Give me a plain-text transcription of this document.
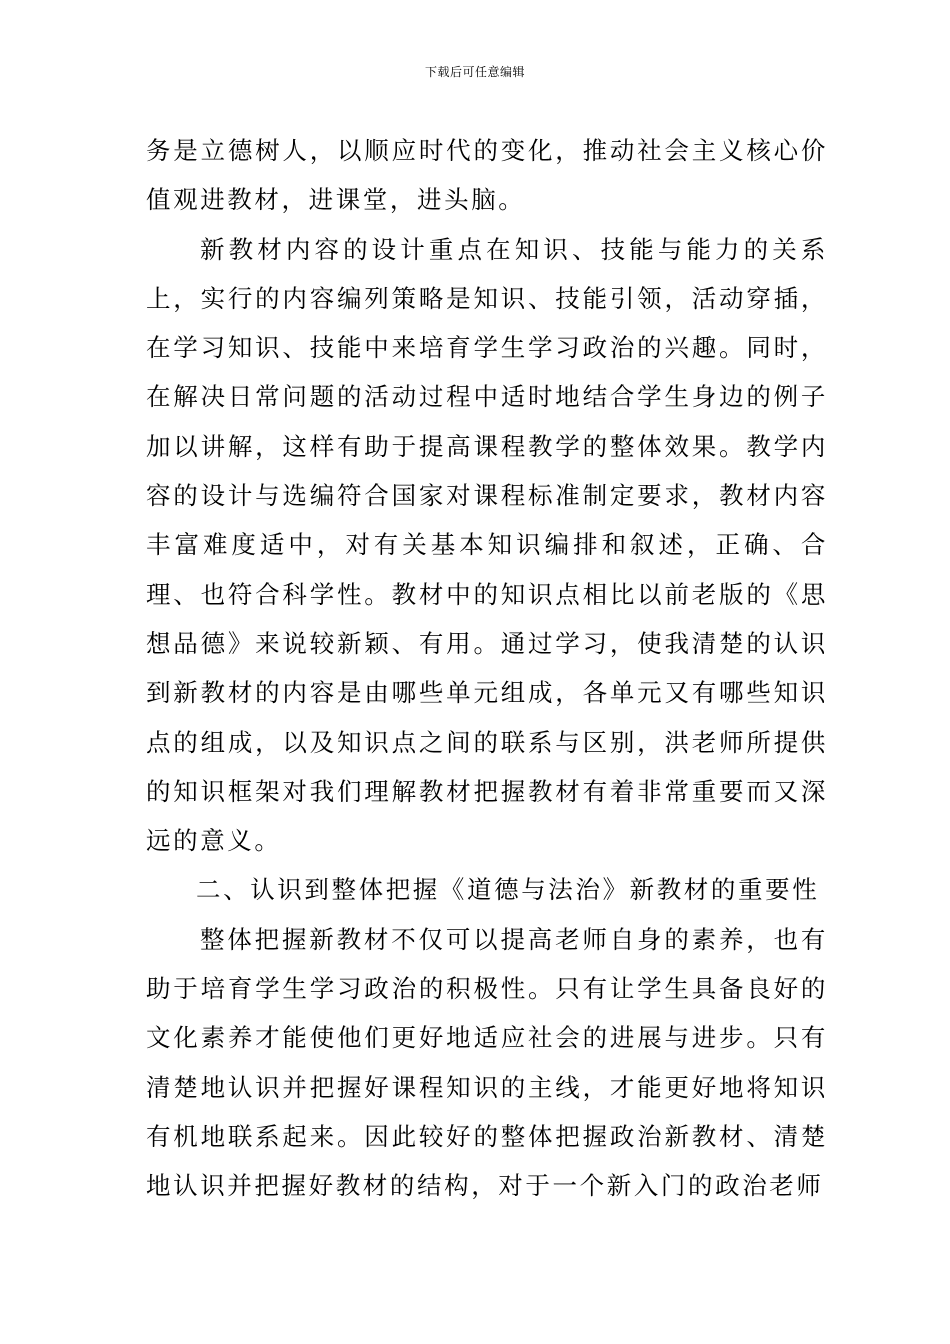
下载后可任意编辑

务是立德树人，以顺应时代的变化，推动社会主义核心价值观进教材，进课堂，进头脑。

新教材内容的设计重点在知识、技能与能力的关系上，实行的内容编列策略是知识、技能引领，活动穿插，在学习知识、技能中来培育学生学习政治的兴趣。同时，在解决日常问题的活动过程中适时地结合学生身边的例子加以讲解，这样有助于提高课程教学的整体效果。教学内容的设计与选编符合国家对课程标准制定要求，教材内容丰富难度适中，对有关基本知识编排和叙述，正确、合理、也符合科学性。教材中的知识点相比以前老版的《思想品德》来说较新颖、有用。通过学习，使我清楚的认识到新教材的内容是由哪些单元组成，各单元又有哪些知识点的组成，以及知识点之间的联系与区别，洪老师所提供的知识框架对我们理解教材把握教材有着非常重要而又深远的意义。

二、认识到整体把握《道德与法治》新教材的重要性

整体把握新教材不仅可以提高老师自身的素养，也有助于培育学生学习政治的积极性。只有让学生具备良好的文化素养才能使他们更好地适应社会的进展与进步。只有清楚地认识并把握好课程知识的主线，才能更好地将知识有机地联系起来。因此较好的整体把握政治新教材、清楚地认识并把握好教材的结构，对于一个新入门的政治老师
